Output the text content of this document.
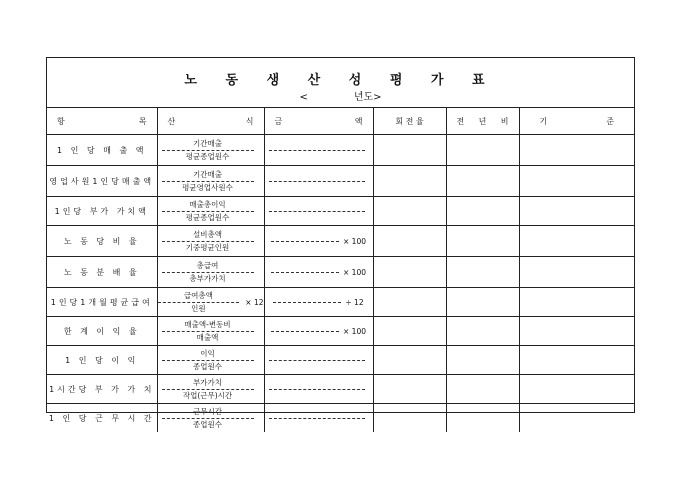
노 동 생 산 성 평 가 표
<	년도>
항 목	산 식	금 액	회 전 율	전 년 비	기 준

1 인 당 매 출 액	$\frac{\text{기간매출}}{\text{평균종업원수}}$

영업사원1인당매출액	$\frac{\text{기간매출}}{\text{평균영업사원수}}$

1인당 부가 가치액	$\frac{\text{매출총이익}}{\text{평균종업원수}}$

노 동 당 비 율	$\frac{\text{설비총액}}{\text{기중평균인원}}$	× 100			

노 동 분 배 율	$\frac{\text{총급여}}{\text{총부가가치}}$	× 100			

1인당1개월평균급여	$\frac{\text{급여총액}}{\text{인원}} \times 12$	÷ 12			

한 계 이 익 율	$\frac{\text{매출액-변동비}}{\text{매출액}}$	× 100			

1 인 당 이 익	$\frac{\text{이익}}{\text{종업원수}}$

1시간당 부 가 가 치	$\frac{\text{부가가치}}{\text{작업(근무)시간}}$

1 인 당 근 무 시 간	$\frac{\text{근무시간}}{\text{종업원수}}$
